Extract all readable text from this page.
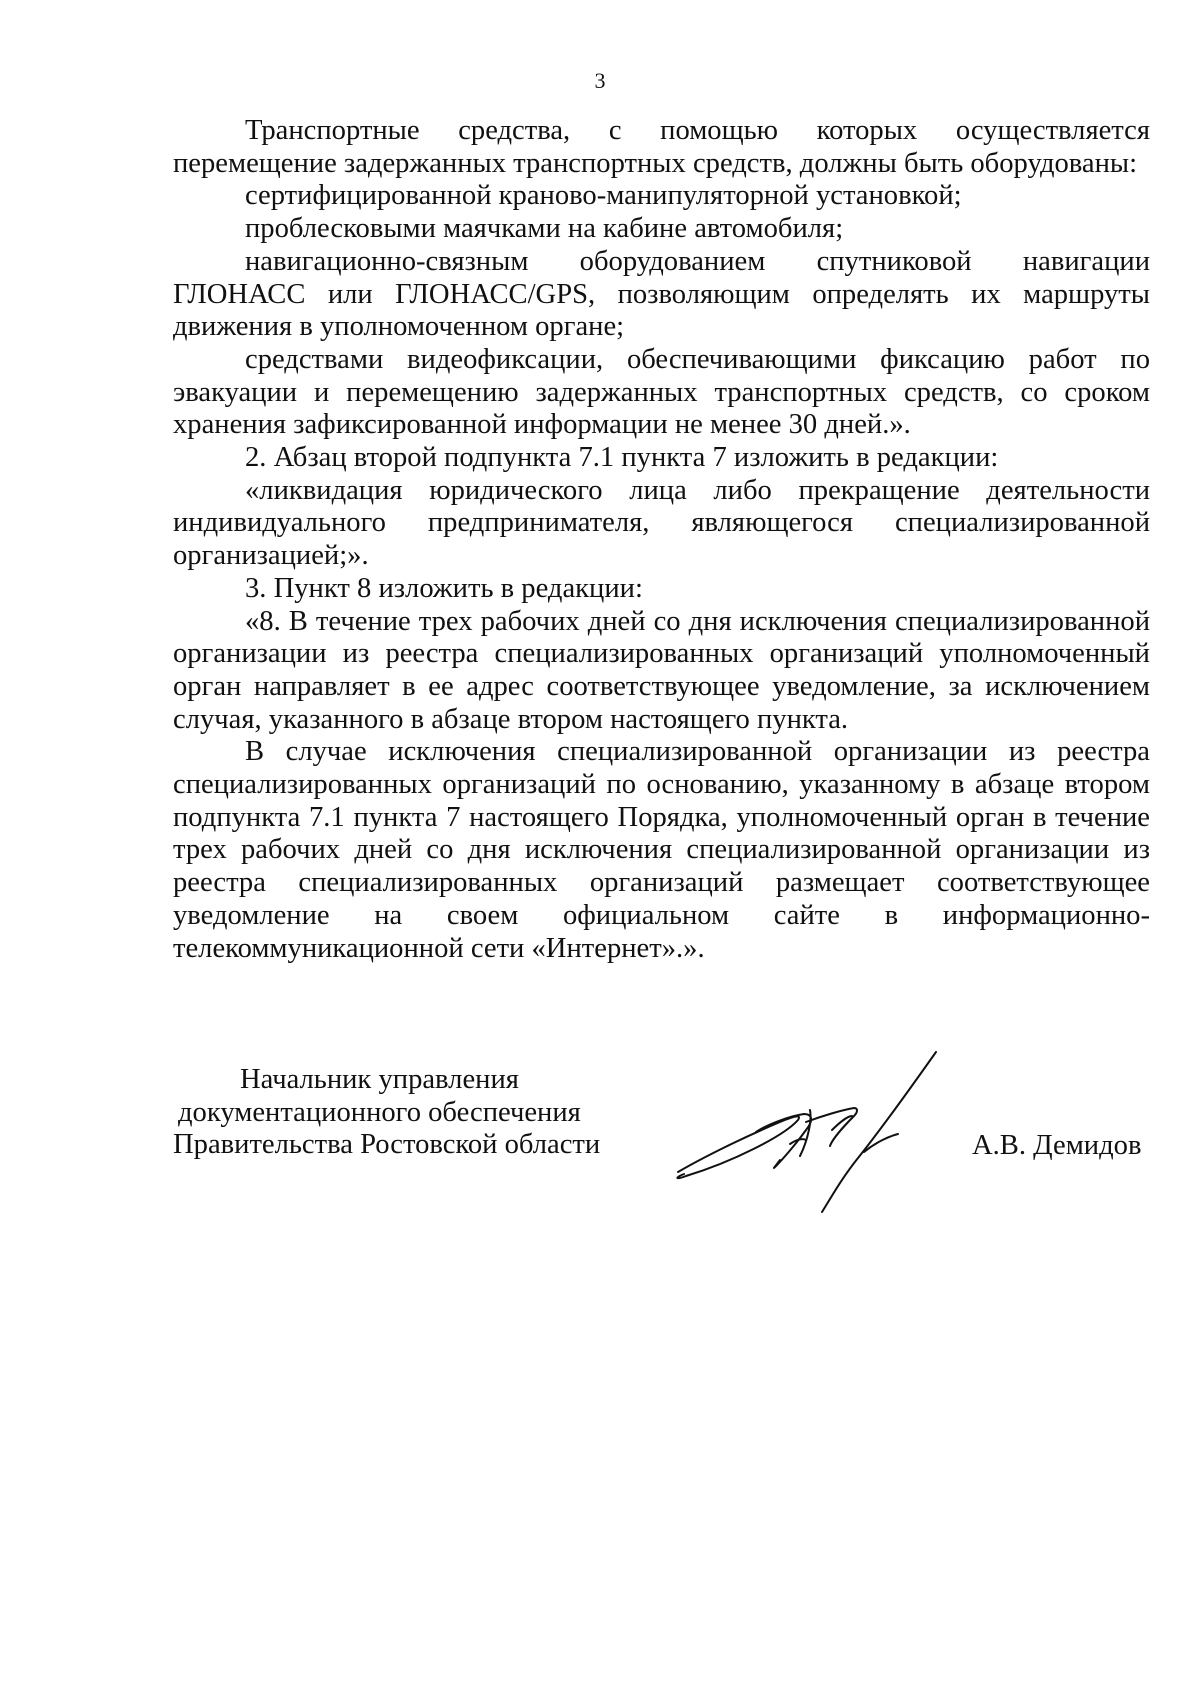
3

Транспортные средства, с помощью которых осуществляется перемещение задержанных транспортных средств, должны быть оборудованы:

сертифицированной краново-манипуляторной установкой;

проблесковыми маячками на кабине автомобиля;

навигационно-связным оборудованием спутниковой навигации ГЛОНАСС или ГЛОНАСС/GPS, позволяющим определять их маршруты движения в уполномоченном органе;

средствами видеофиксации, обеспечивающими фиксацию работ по эвакуации и перемещению задержанных транспортных средств, со сроком хранения зафиксированной информации не менее 30 дней.».

2. Абзац второй подпункта 7.1 пункта 7 изложить в редакции:

«ликвидация юридического лица либо прекращение деятельности индивидуального предпринимателя, являющегося специализированной организацией;».

3. Пункт 8 изложить в редакции:

«8. В течение трех рабочих дней со дня исключения специализированной организации из реестра специализированных организаций уполномоченный орган направляет в ее адрес соответствующее уведомление, за исключением случая, указанного в абзаце втором настоящего пункта.

В случае исключения специализированной организации из реестра специализированных организаций по основанию, указанному в абзаце втором подпункта 7.1 пункта 7 настоящего Порядка, уполномоченный орган в течение трех рабочих дней со дня исключения специализированной организации из реестра специализированных организаций размещает соответствующее уведомление на своем официальном сайте в информационно-телекоммуникационной сети «Интернет».».

Начальник управления
документационного обеспечения
Правительства Ростовской области	А.В. Демидов
